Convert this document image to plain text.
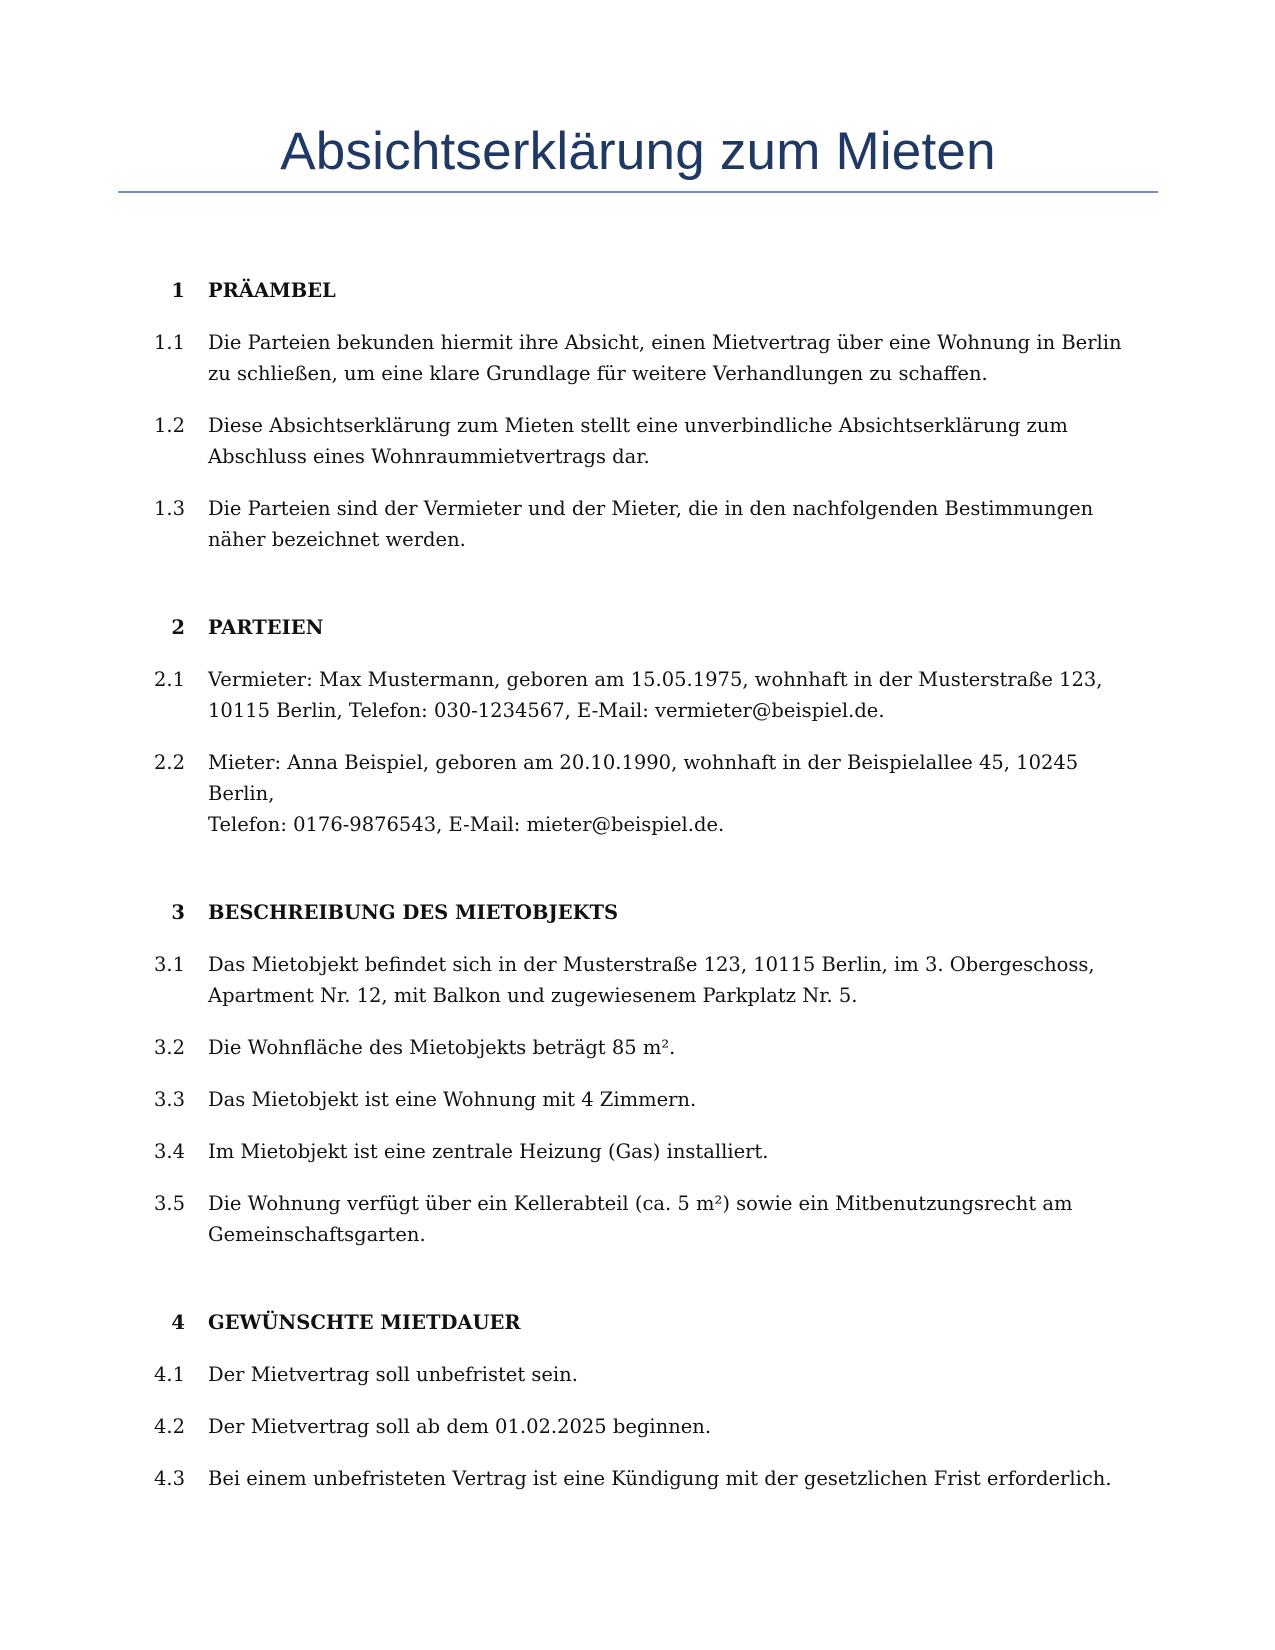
Absichtserklärung zum Mieten
1 PRÄAMBEL
1.1 Die Parteien bekunden hiermit ihre Absicht, einen Mietvertrag über eine Wohnung in Berlin
zu schließen, um eine klare Grundlage für weitere Verhandlungen zu schaffen.
1.2 Diese Absichtserklärung zum Mieten stellt eine unverbindliche Absichtserklärung zum
Abschluss eines Wohnraummietvertrags dar.
1.3 Die Parteien sind der Vermieter und der Mieter, die in den nachfolgenden Bestimmungen
näher bezeichnet werden.
2 PARTEIEN
2.1 Vermieter: Max Mustermann, geboren am 15.05.1975, wohnhaft in der Musterstraße 123,
10115 Berlin, Telefon: 030-1234567, E-Mail: vermieter@beispiel.de.
2.2 Mieter: Anna Beispiel, geboren am 20.10.1990, wohnhaft in der Beispielallee 45, 10245 Berlin,
Telefon: 0176-9876543, E-Mail: mieter@beispiel.de.
3 BESCHREIBUNG DES MIETOBJEKTS
3.1 Das Mietobjekt befindet sich in der Musterstraße 123, 10115 Berlin, im 3. Obergeschoss,
Apartment Nr. 12, mit Balkon und zugewiesenem Parkplatz Nr. 5.
3.2 Die Wohnfläche des Mietobjekts beträgt 85 m².
3.3 Das Mietobjekt ist eine Wohnung mit 4 Zimmern.
3.4 Im Mietobjekt ist eine zentrale Heizung (Gas) installiert.
3.5 Die Wohnung verfügt über ein Kellerabteil (ca. 5 m²) sowie ein Mitbenutzungsrecht am
Gemeinschaftsgarten.
4 GEWÜNSCHTE MIETDAUER
4.1 Der Mietvertrag soll unbefristet sein.
4.2 Der Mietvertrag soll ab dem 01.02.2025 beginnen.
4.3 Bei einem unbefristeten Vertrag ist eine Kündigung mit der gesetzlichen Frist erforderlich.
